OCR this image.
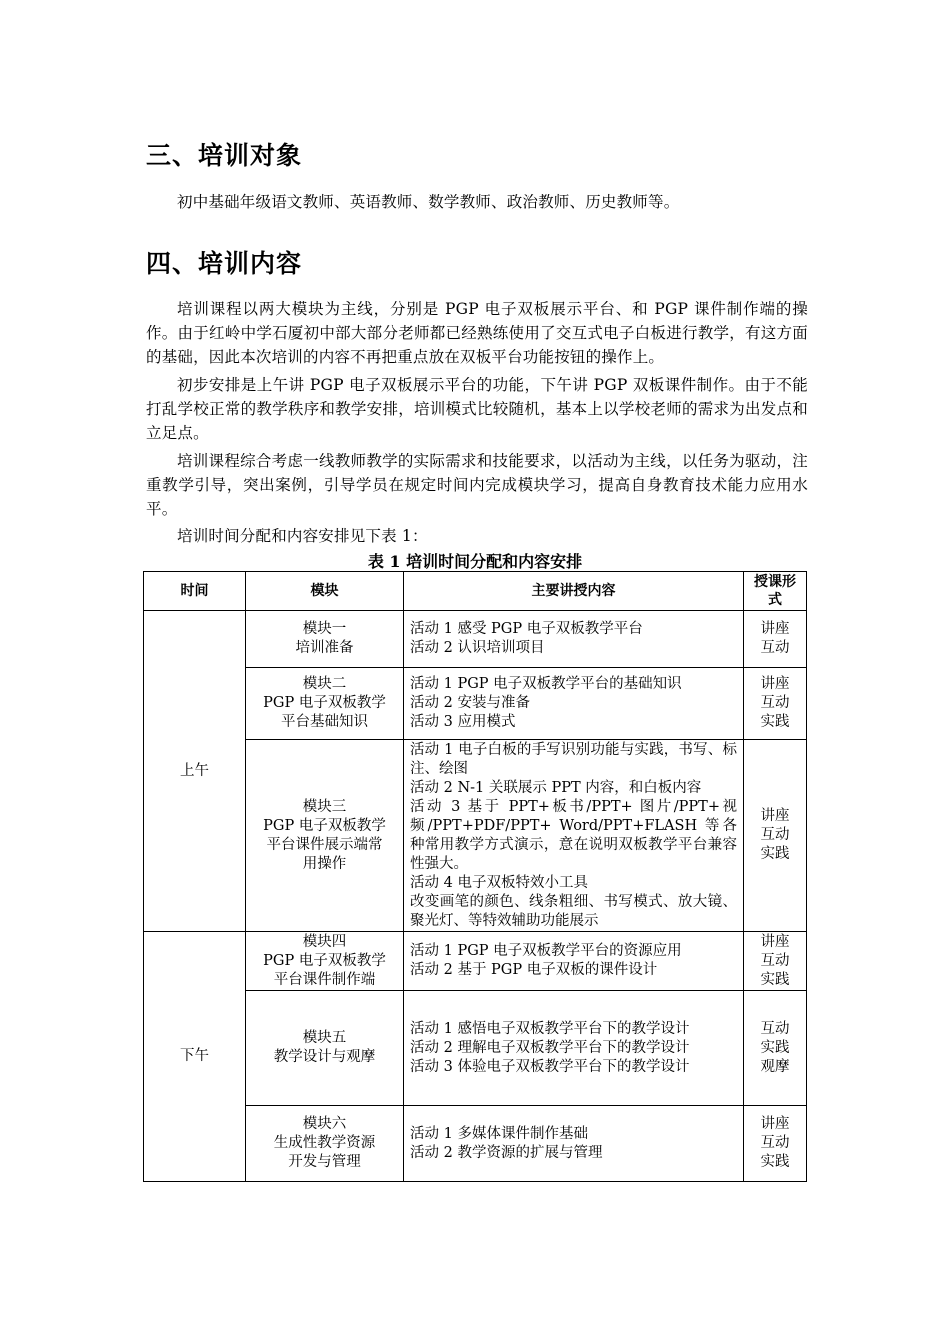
三、培训对象

初中基础年级语文教师、英语教师、数学教师、政治教师、历史教师等。

四、培训内容

培训课程以两大模块为主线，分别是 PGP 电子双板展示平台、和 PGP 课件制作端的操作。由于红岭中学石厦初中部大部分老师都已经熟练使用了交互式电子白板进行教学，有这方面的基础，因此本次培训的内容不再把重点放在双板平台功能按钮的操作上。

初步安排是上午讲 PGP 电子双板展示平台的功能，下午讲 PGP 双板课件制作。由于不能打乱学校正常的教学秩序和教学安排，培训模式比较随机，基本上以学校老师的需求为出发点和立足点。

培训课程综合考虑一线教师教学的实际需求和技能要求，以活动为主线，以任务为驱动，注重教学引导，突出案例，引导学员在规定时间内完成模块学习，提高自身教育技术能力应用水平。

培训时间分配和内容安排见下表 1：

表 1 培训时间分配和内容安排

时间	模块	主要讲授内容	授课形式
上午	模块一
培训准备	活动 1 感受 PGP 电子双板教学平台
活动 2 认识培训项目	讲座
互动

	模块二
PGP 电子双板教学
平台基础知识	活动 1 PGP 电子双板教学平台的基础知识
活动 2 安装与准备
活动 3 应用模式	讲座
互动
实践

	模块三
PGP 电子双板教学
平台课件展示端常
用操作	活动 1 电子白板的手写识别功能与实践，书写、标注、绘图
活动 2 N-1 关联展示 PPT 内容，和白板内容
活动 3 基于 PPT+板书/PPT+ 图片/PPT+视频/PPT+PDF/PPT+ Word/PPT+FLASH 等各种常用教学方式演示，意在说明双板教学平台兼容性强大。
活动 4 电子双板特效小工具
改变画笔的颜色、线条粗细、书写模式、放大镜、聚光灯、等特效辅助功能展示	讲座
互动
实践

下午	模块四
PGP 电子双板教学
平台课件制作端	活动 1 PGP 电子双板教学平台的资源应用
活动 2 基于 PGP 电子双板的课件设计	讲座
互动
实践

	模块五
教学设计与观摩	活动 1 感悟电子双板教学平台下的教学设计
活动 2 理解电子双板教学平台下的教学设计
活动 3 体验电子双板教学平台下的教学设计	互动
实践
观摩

	模块六
生成性教学资源
开发与管理	活动 1 多媒体课件制作基础
活动 2 教学资源的扩展与管理	讲座
互动
实践
